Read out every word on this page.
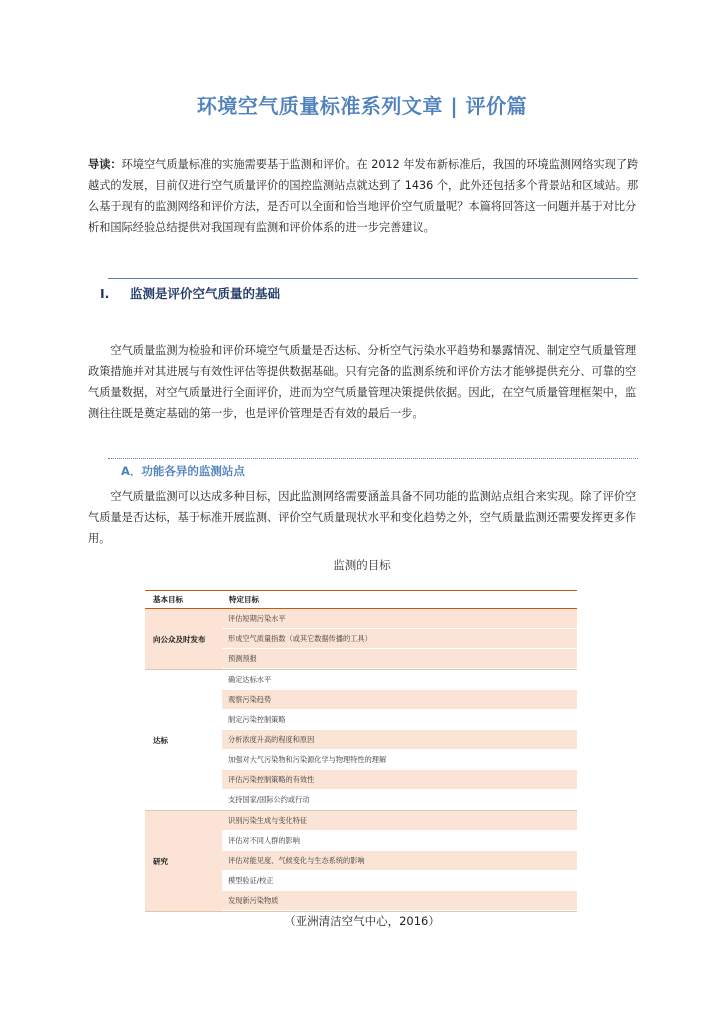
环境空气质量标准系列文章 | 评价篇
导读：环境空气质量标准的实施需要基于监测和评价。在 2012 年发布新标准后，我国的环境监测网络实现了跨越式的发展，目前仅进行空气质量评价的国控监测站点就达到了 1436 个，此外还包括多个背景站和区域站。那么基于现有的监测网络和评价方法，是否可以全面和恰当地评价空气质量呢？本篇将回答这一问题并基于对比分析和国际经验总结提供对我国现有监测和评价体系的进一步完善建议。
I. 监测是评价空气质量的基础
空气质量监测为检验和评价环境空气质量是否达标、分析空气污染水平趋势和暴露情况、制定空气质量管理政策措施并对其进展与有效性评估等提供数据基础。只有完备的监测系统和评价方法才能够提供充分、可靠的空气质量数据，对空气质量进行全面评价，进而为空气质量管理决策提供依据。因此，在空气质量管理框架中，监测往往既是奠定基础的第一步，也是评价管理是否有效的最后一步。
A．功能各异的监测站点
空气质量监测可以达成多种目标，因此监测网络需要涵盖具备不同功能的监测站点组合来实现。除了评价空气质量是否达标，基于标准开展监测、评价空气质量现状水平和变化趋势之外，空气质量监测还需要发挥更多作用。
监测的目标
基本目标	特定目标
向公众及时发布
评估短期污染水平
形成空气质量指数（或其它数据传播的工具）
预测预报
达标
确定达标水平
观察污染趋势
制定污染控制策略
分析浓度升高的程度和原因
加强对大气污染物和污染源化学与物理特性的理解
评估污染控制策略的有效性
支持国家/国际公约或行动
研究
识别污染生成与变化特征
评估对不同人群的影响
评估对能见度、气候变化与生态系统的影响
模型验证/校正
发现新污染物质
（亚洲清洁空气中心，2016）
